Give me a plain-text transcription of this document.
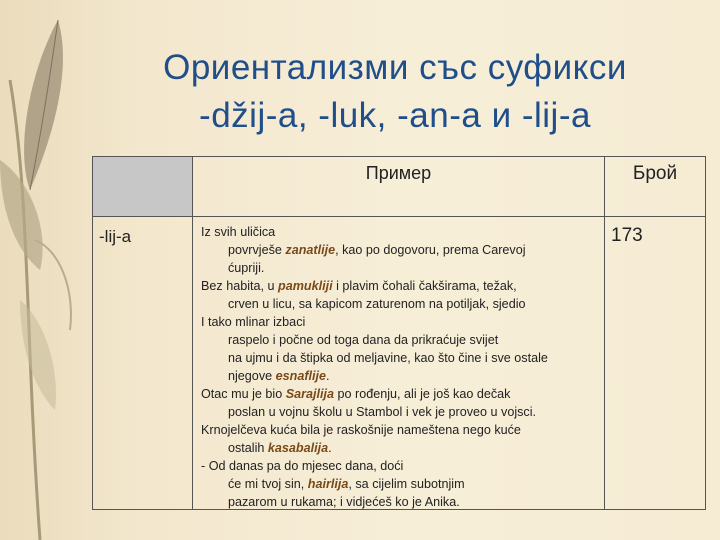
Ориентализми със суфикси
-džij-a, -luk, -an-a и -lij-a
Пример	Брой
-lij-a	Iz svih uličica
povrvješe zanatlije, kao po dogovoru, prema Carevoj
ćupriji.

Bez habita, u pamukliji i plavim čohali čakširama, težak,
crven u licu, sa kapicom zaturenom na potiljak, sjedio

I tako mlinar izbaci
raspelo i počne od toga dana da prikraćuje svijet
na ujmu i da štipka od meljavine, kao što čine i sve ostale
njegove esnaflije.

Otac mu je bio Sarajlija po rođenju, ali je još kao dečak
poslan u vojnu školu u Stambol i vek je proveo u vojsci.

Krnojelčeva kuća bila je raskošnije nameštena nego kuće
ostalih kasabalija.

- Od danas pa do mjesec dana, doći
će mi tvoj sin, hairlija, sa cijelim subotnjim
pazarom u rukama; i vidjećeš ko je Anika.

173
